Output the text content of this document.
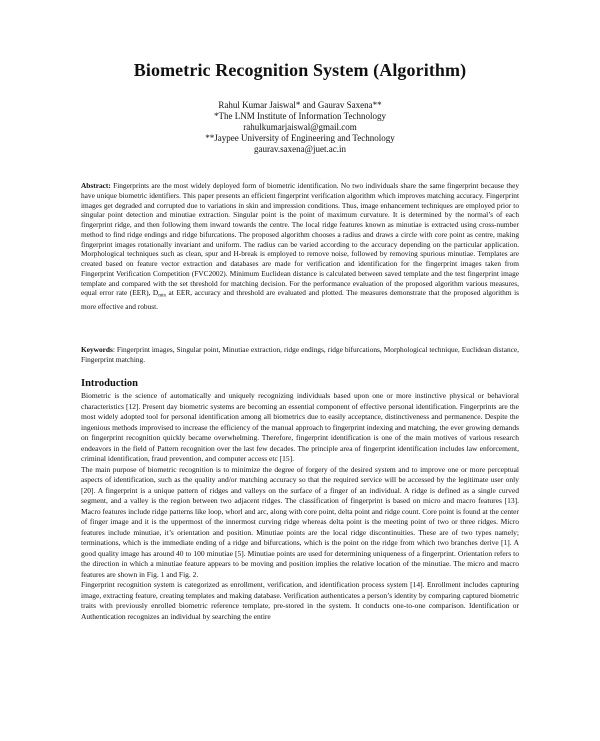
Biometric Recognition System (Algorithm)
Rahul Kumar Jaiswal* and Gaurav Saxena**
*The LNM Institute of Information Technology
rahulkumarjaiswal@gmail.com
**Jaypee University of Engineering and Technology
gaurav.saxena@juet.ac.in
Abstract: Fingerprints are the most widely deployed form of biometric identification. No two individuals share the same fingerprint because they have unique biometric identifiers. This paper presents an efficient fingerprint verification algorithm which improves matching accuracy. Fingerprint images get degraded and corrupted due to variations in skin and impression conditions. Thus, image enhancement techniques are employed prior to singular point detection and minutiae extraction. Singular point is the point of maximum curvature. It is determined by the normal’s of each fingerprint ridge, and then following them inward towards the centre. The local ridge features known as minutiae is extracted using cross-number method to find ridge endings and ridge bifurcations. The proposed algorithm chooses a radius and draws a circle with core point as centre, making fingerprint images rotationally invariant and uniform. The radius can be varied according to the accuracy depending on the particular application. Morphological techniques such as clean, spur and H-break is employed to remove noise, followed by removing spurious minutiae. Templates are created based on feature vector extraction and databases are made for verification and identification for the fingerprint images taken from Fingerprint Verification Competition (FVC2002). Minimum Euclidean distance is calculated between saved template and the test fingerprint image template and compared with the set threshold for matching decision. For the performance evaluation of the proposed algorithm various measures, equal error rate (EER), $D_{min}$ at EER, accuracy and threshold are evaluated and plotted. The measures demonstrate that the proposed algorithm is more effective and robust.
Keywords: Fingerprint images, Singular point, Minutiae extraction, ridge endings, ridge bifurcations, Morphological technique, Euclidean distance, Fingerprint matching.
Introduction

Biometric is the science of automatically and uniquely recognizing individuals based upon one or more instinctive physical or behavioral characteristics [12]. Present day biometric systems are becoming an essential component of effective personal identification. Fingerprints are the most widely adopted tool for personal identification among all biometrics due to easily acceptance, distinctiveness and permanence. Despite the ingenious methods improvised to increase the efficiency of the manual approach to fingerprint indexing and matching, the ever growing demands on fingerprint recognition quickly became overwhelming. Therefore, fingerprint identification is one of the main motives of various research endeavors in the field of Pattern recognition over the last few decades. The principle area of fingerprint identification includes law enforcement, criminal identification, fraud prevention, and computer access etc [15].

The main purpose of biometric recognition is to minimize the degree of forgery of the desired system and to improve one or more perceptual aspects of identification, such as the quality and/or matching accuracy so that the required service will be accessed by the legitimate user only [20]. A fingerprint is a unique pattern of ridges and valleys on the surface of a finger of an individual. A ridge is defined as a single curved segment, and a valley is the region between two adjacent ridges. The classification of fingerprint is based on micro and macro features [13]. Macro features include ridge patterns like loop, whorl and arc, along with core point, delta point and ridge count. Core point is found at the center of finger image and it is the uppermost of the innermost curving ridge whereas delta point is the meeting point of two or three ridges. Micro features include minutiae, it’s orientation and position. Minutiae points are the local ridge discontinuities. These are of two types namely; terminations, which is the immediate ending of a ridge and bifurcations, which is the point on the ridge from which two branches derive [1]. A good quality image has around 40 to 100 minutiae [5]. Minutiae points are used for determining uniqueness of a fingerprint. Orientation refers to the direction in which a minutiae feature appears to be moving and position implies the relative location of the minutiae. The micro and macro features are shown in Fig. 1 and Fig. 2.

Fingerprint recognition system is categorized as enrollment, verification, and identification process system [14]. Enrollment includes capturing image, extracting feature, creating templates and making database. Verification authenticates a person’s identity by comparing captured biometric traits with previously enrolled biometric reference template, pre-stored in the system. It conducts one-to-one comparison. Identification or Authentication recognizes an individual by searching the entire
